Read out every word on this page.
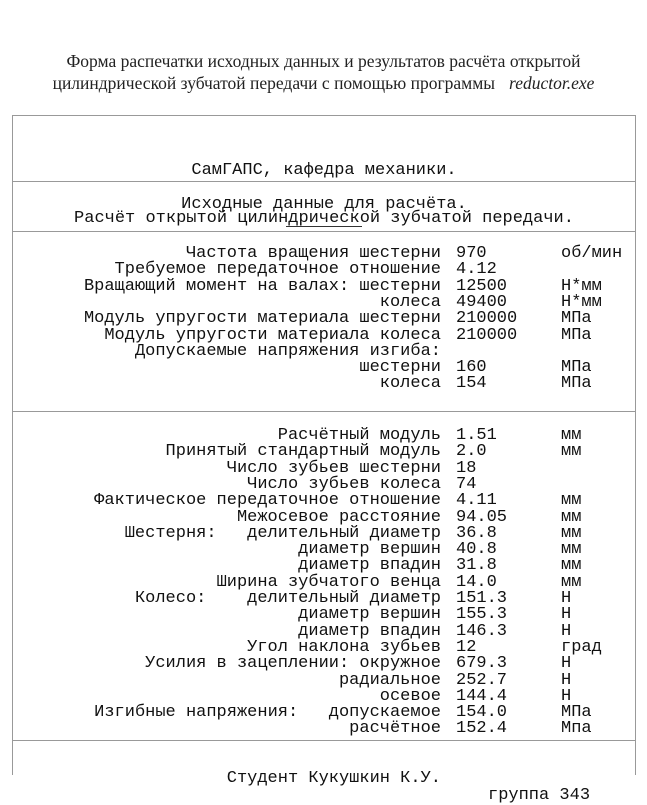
Форма распечатки исходных данных и результатов расчёта открытой
цилиндрической зубчатой передачи с помощью программы reductor.exe

СамГАПС, кафедра механики.

Расчёт открытой цилиндрической зубчатой передачи.

Исходные данные для расчёта.
Частота вращения шестерни 970	об/мин
Требуемое передаточное отношение 4.12
Вращающий момент на валах: шестерни 12500	Н*мм
колеса 49400	Н*мм
Модуль упругости материала шестерни 210000	МПа
Модуль упругости материала колеса 210000	МПа
Допускаемые напряжения изгиба:
шестерни 160	МПа
колеса 154	МПа
Расчётный модуль 1.51	мм
Принятый стандартный модуль 2.0	мм
Число зубьев шестерни 18
Число зубьев колеса 74
Фактическое передаточное отношение 4.11	мм
Межосевое расстояние 94.05	мм
Шестерня:   делительный диаметр 36.8	мм
диаметр вершин 40.8	мм
диаметр впадин 31.8	мм
Ширина зубчатого венца 14.0	мм
Колесо:    делительный диаметр 151.3	Н
диаметр вершин 155.3	Н
диаметр впадин 146.3	Н
Угол наклона зубьев 12	град
Усилия в зацеплении: окружное 679.3	Н
радиальное 252.7	Н
осевое 144.4	Н
Изгибные напряжения:   допускаемое 154.0	МПа
расчётное 152.4	Мпа

Студент Кукушкин К.У.

группа 343
